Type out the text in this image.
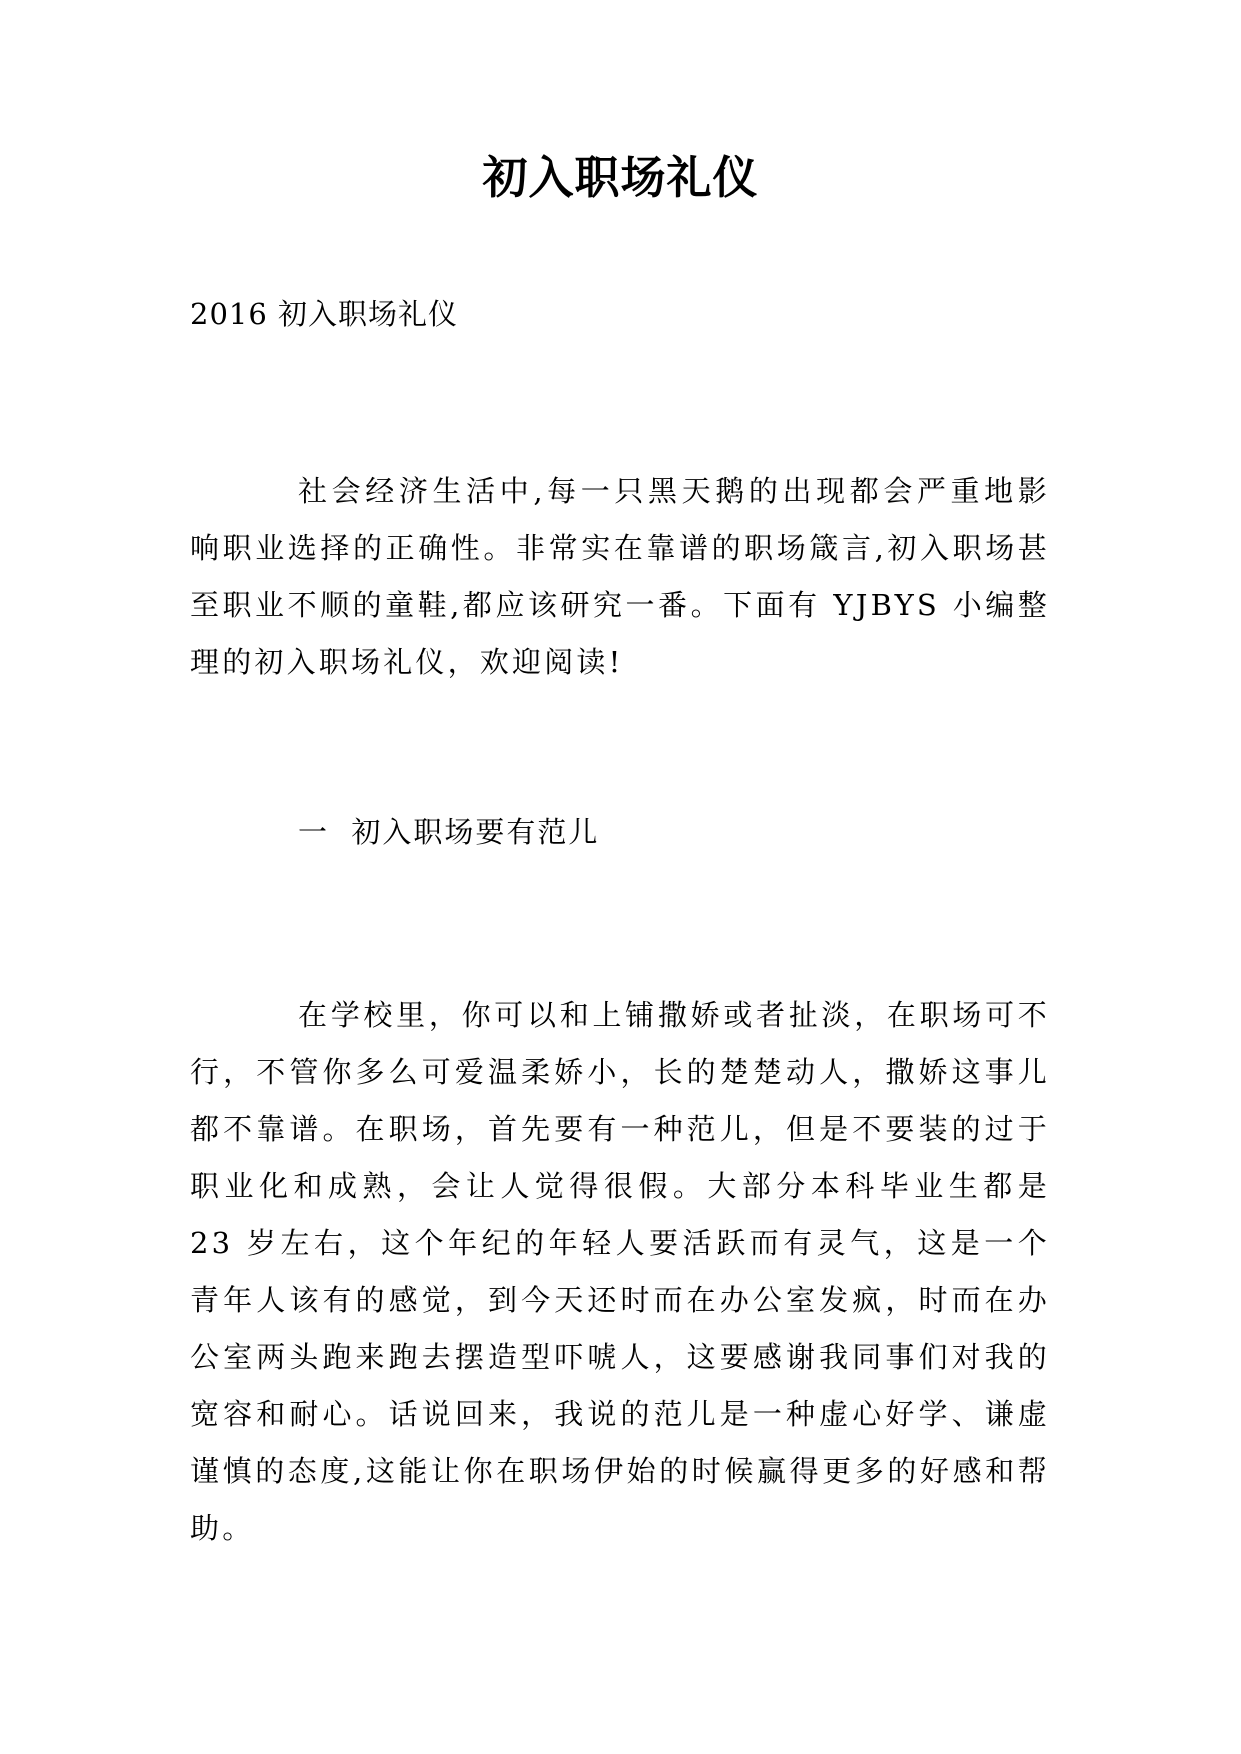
初入职场礼仪
2016 初入职场礼仪

社会经济生活中,每一只黑天鹅的出现都会严重地影响职业选择的正确性。非常实在靠谱的职场箴言,初入职场甚至职业不顺的童鞋,都应该研究一番。下面有 YJBYS 小编整理的初入职场礼仪，欢迎阅读!

一  初入职场要有范儿

在学校里，你可以和上铺撒娇或者扯淡，在职场可不行，不管你多么可爱温柔娇小，长的楚楚动人，撒娇这事儿都不靠谱。在职场，首先要有一种范儿，但是不要装的过于职业化和成熟，会让人觉得很假。大部分本科毕业生都是 23 岁左右，这个年纪的年轻人要活跃而有灵气，这是一个青年人该有的感觉，到今天还时而在办公室发疯，时而在办公室两头跑来跑去摆造型吓唬人，这要感谢我同事们对我的宽容和耐心。话说回来，我说的范儿是一种虚心好学、谦虚谨慎的态度,这能让你在职场伊始的时候赢得更多的好感和帮助。
